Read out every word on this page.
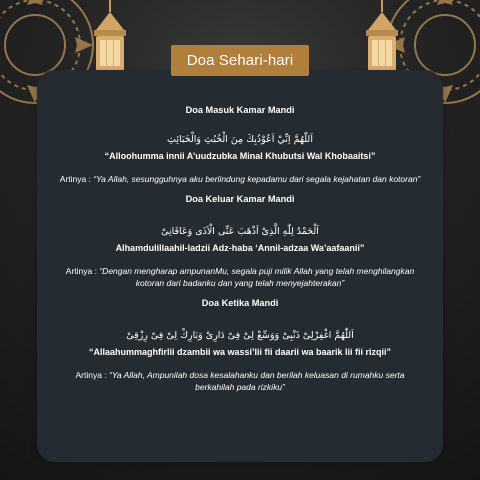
Doa Sehari-hari
Doa Masuk Kamar Mandi
اَللّٰهُمَّ اِنِّيْ اَعُوْذُبِكَ مِنَ الْخُبُثِ وَالْخَبَائِثِ
“Alloohumma innii A’uudzubka Minal Khubutsi Wal Khobaaitsi”
Artinya : “Ya Allah, sesungguhnya aku berlindung kepadamu dari segala kejahatan dan kotoran”
Doa Keluar Kamar Mandi
اَلْحَمْدُ لِلّٰهِ الَّذِىْ اَذْهَبَ عَنِّى الْاَذَى وَعَافَانِىْ
Alhamdulillaahil-ladzii Adz-haba ‘Annil-adzaa Wa’aafaanii”
Artinya : “Dengan mengharap ampunanMu, segala puji milik Allah yang telah menghilangkan kotoran dari badanku dan yang telah menyejahterakan”
Doa Ketika Mandi
اَللّٰهُمَّ اغْفِرْلِىْ ذَنْبِىْ وَوَسِّعْ لِىْ فِىْ دَارِىْ وَبَارِكْ لِىْ فِىْ رِزْقِىْ
“Allaahummaghfirlii dzambii wa wassi’lii fii daarii wa baarik lii fii rizqii”
Artinya : “Ya Allah, Ampunilah dosa kesalahanku dan berilah keluasan di rumahku serta berkahilah pada rizkiku”
